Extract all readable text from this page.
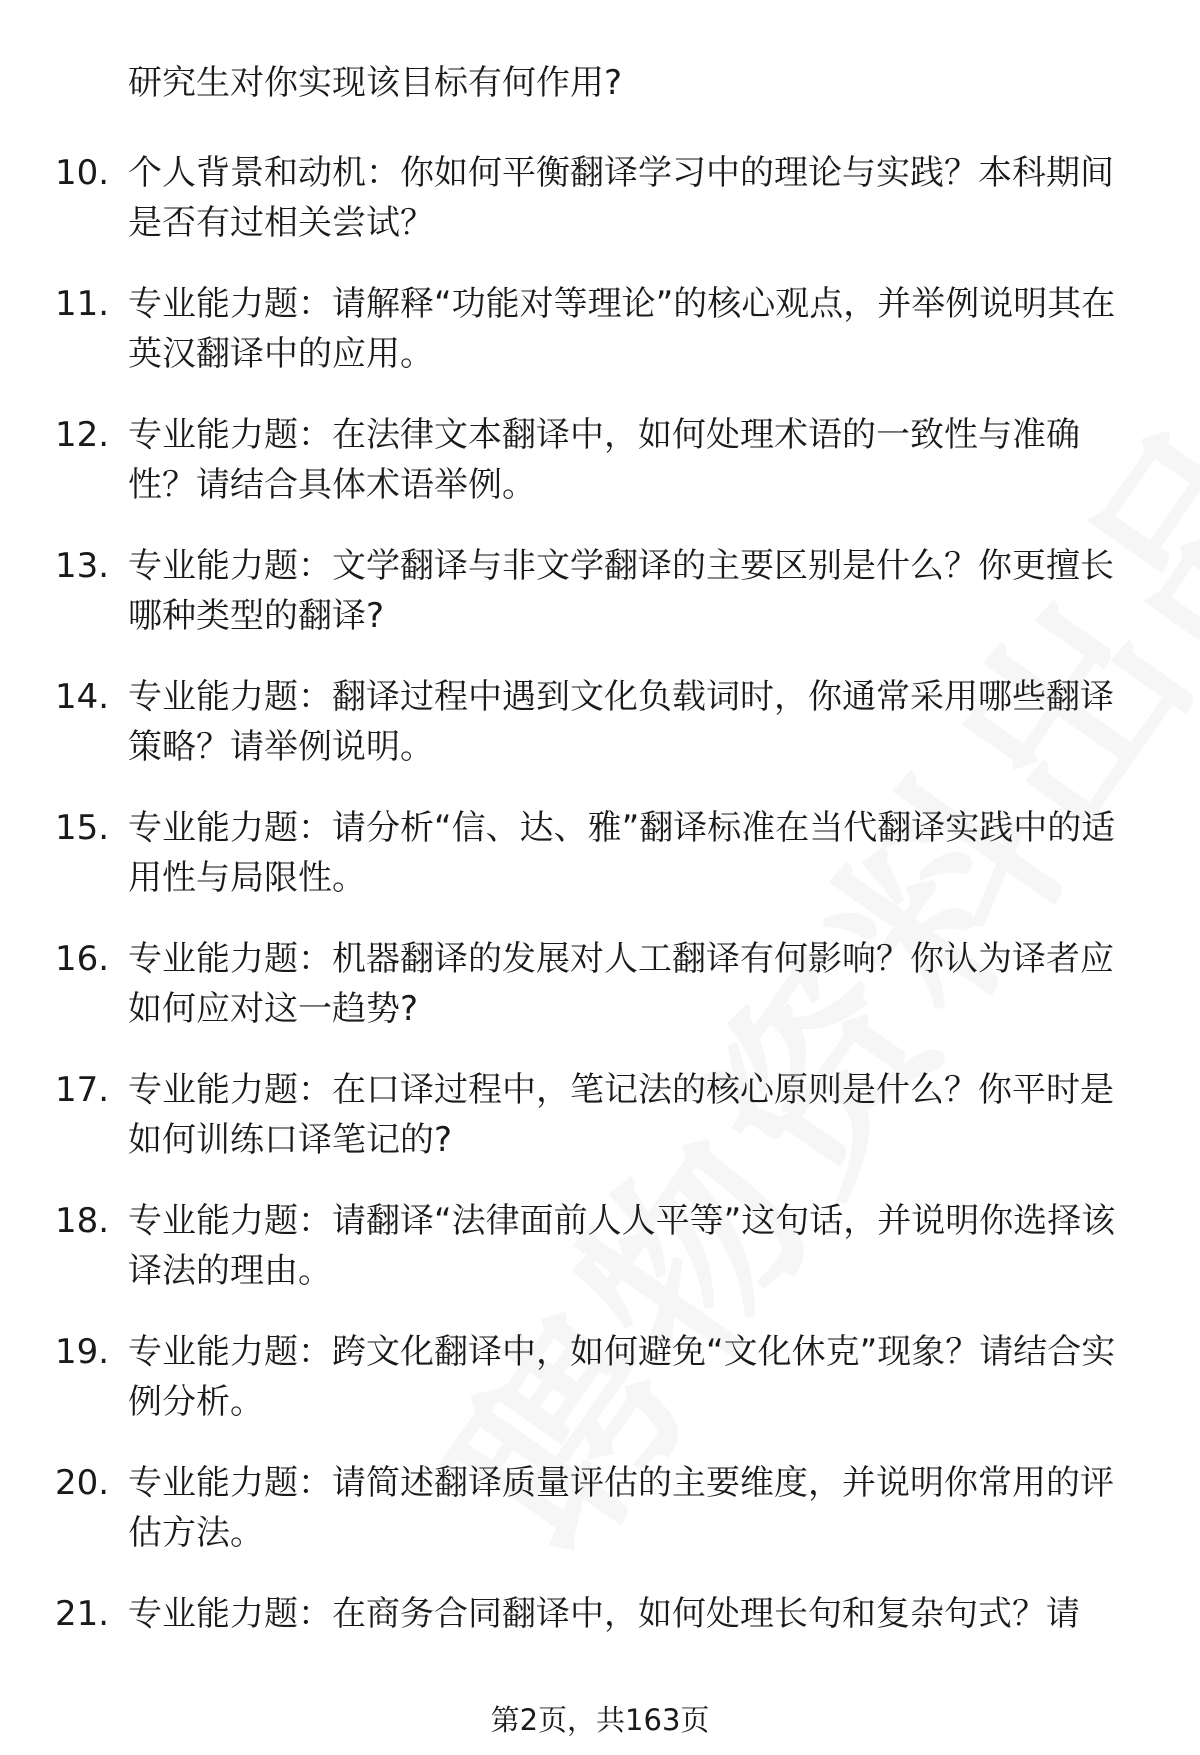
研究生对你实现该目标有何作用?
10. 个人背景和动机：你如何平衡翻译学习中的理论与实践？本科期间是否有过相关尝试？
11. 专业能力题：请解释“功能对等理论”的核心观点，并举例说明其在英汉翻译中的应用。
12. 专业能力题：在法律文本翻译中，如何处理术语的一致性与准确性？请结合具体术语举例。
13. 专业能力题：文学翻译与非文学翻译的主要区别是什么？你更擅长哪种类型的翻译?
14. 专业能力题：翻译过程中遇到文化负载词时，你通常采用哪些翻译策略？请举例说明。
15. 专业能力题：请分析“信、达、雅”翻译标准在当代翻译实践中的适用性与局限性。
16. 专业能力题：机器翻译的发展对人工翻译有何影响？你认为译者应如何应对这一趋势?
17. 专业能力题：在口译过程中，笔记法的核心原则是什么？你平时是如何训练口译笔记的?
18. 专业能力题：请翻译“法律面前人人平等”这句话，并说明你选择该译法的理由。
19. 专业能力题：跨文化翻译中，如何避免“文化休克”现象？请结合实例分析。
20. 专业能力题：请简述翻译质量评估的主要维度，并说明你常用的评估方法。
21. 专业能力题：在商务合同翻译中，如何处理长句和复杂句式？请
第2页，共163页
